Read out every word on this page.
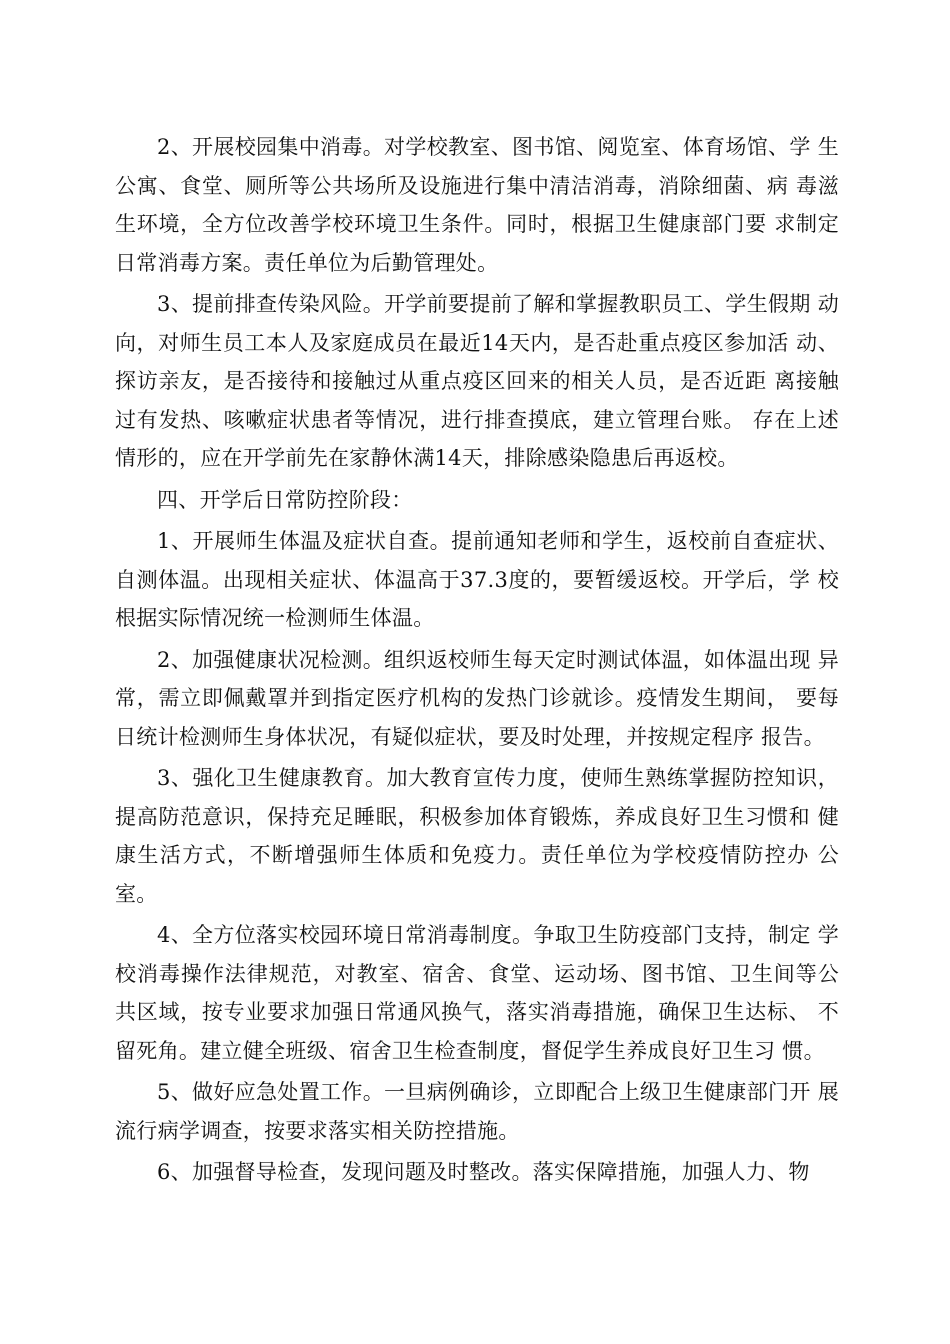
2、开展校园集中消毒。对学校教室、图书馆、阅览室、体育场馆、学 生公寓、食堂、厕所等公共场所及设施进行集中清洁消毒，消除细菌、病 毒滋生环境，全方位改善学校环境卫生条件。同时，根据卫生健康部门要 求制定日常消毒方案。责任单位为后勤管理处。

3、提前排查传染风险。开学前要提前了解和掌握教职员工、学生假期 动向，对师生员工本人及家庭成员在最近14天内，是否赴重点疫区参加活 动、探访亲友，是否接待和接触过从重点疫区回来的相关人员，是否近距 离接触过有发热、咳嗽症状患者等情况，进行排查摸底，建立管理台账。 存在上述情形的，应在开学前先在家静休满14天，排除感染隐患后再返校。

四、开学后日常防控阶段：

1、开展师生体温及症状自查。提前通知老师和学生，返校前自查症状、自测体温。出现相关症状、体温高于37.3度的，要暂缓返校。开学后，学 校根据实际情况统一检测师生体温。

2、加强健康状况检测。组织返校师生每天定时测试体温，如体温出现 异常，需立即佩戴罩并到指定医疗机构的发热门诊就诊。疫情发生期间， 要每日统计检测师生身体状况，有疑似症状，要及时处理，并按规定程序 报告。

3、强化卫生健康教育。加大教育宣传力度，使师生熟练掌握防控知识，提高防范意识，保持充足睡眠，积极参加体育锻炼，养成良好卫生习惯和 健康生活方式，不断增强师生体质和免疫力。责任单位为学校疫情防控办 公室。

4、全方位落实校园环境日常消毒制度。争取卫生防疫部门支持，制定 学校消毒操作法律规范，对教室、宿舍、食堂、运动场、图书馆、卫生间等公共区域，按专业要求加强日常通风换气，落实消毒措施，确保卫生达标、 不留死角。建立健全班级、宿舍卫生检查制度，督促学生养成良好卫生习 惯。

5、做好应急处置工作。一旦病例确诊，立即配合上级卫生健康部门开 展流行病学调查，按要求落实相关防控措施。

6、加强督导检查，发现问题及时整改。落实保障措施，加强人力、物
